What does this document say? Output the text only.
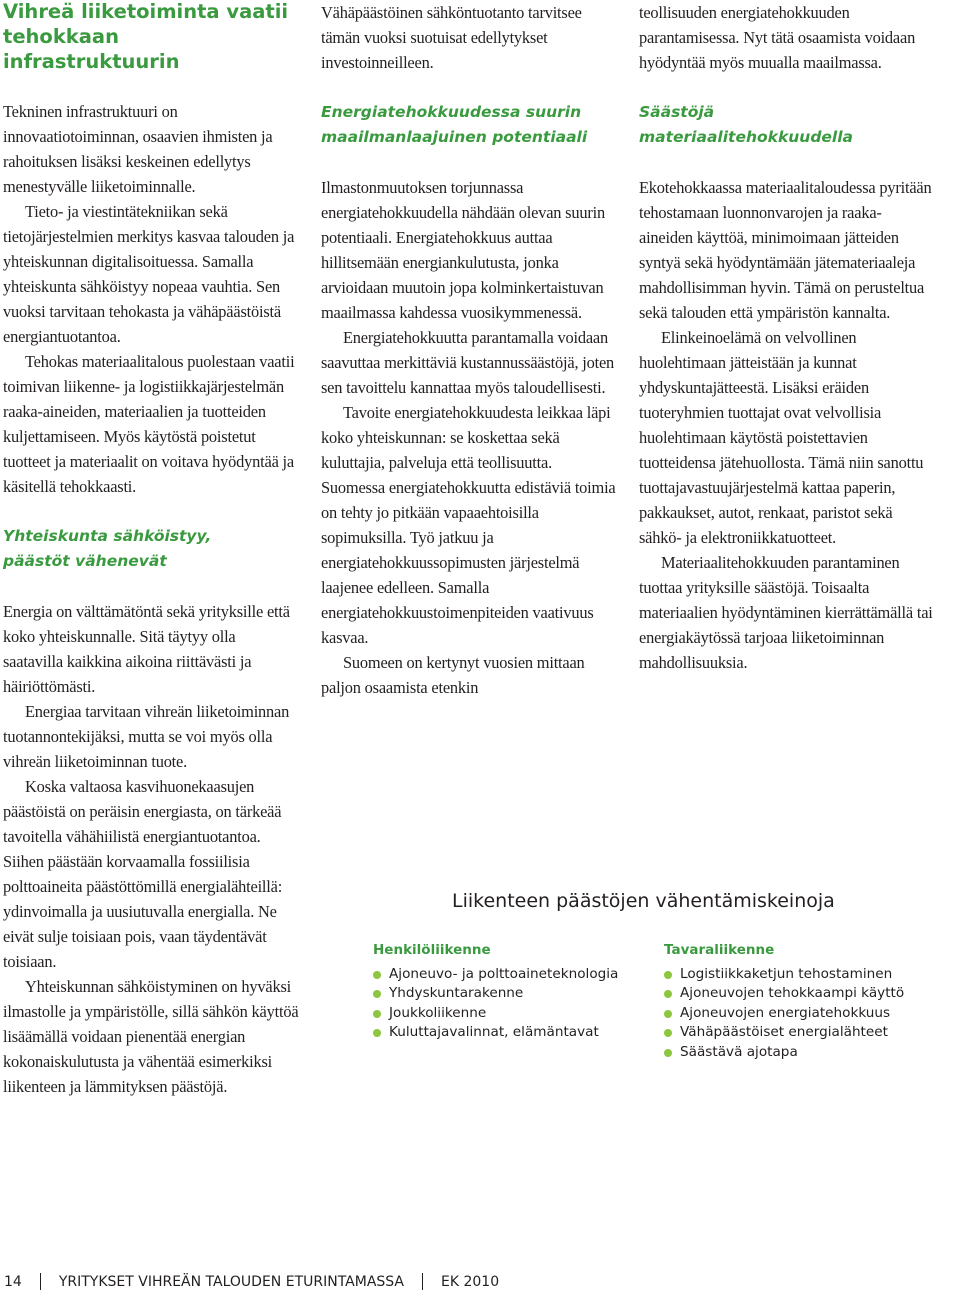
Vihreä liiketoiminta vaatii
tehokkaan infrastruktuurin

Tekninen infrastruktuuri on innovaatiotoiminnan, osaavien ihmisten ja rahoituksen lisäksi keskeinen edellytys menestyvälle liiketoiminnalle.

Tieto- ja viestintätekniikan sekä tietojärjestelmien merkitys kasvaa talouden ja yhteiskunnan digitalisoituessa. Samalla yhteiskunta sähköistyy nopeaa vauhtia. Sen vuoksi tarvitaan tehokasta ja vähäpäästöistä energiantuotantoa.

Tehokas materiaalitalous puolestaan vaatii toimivan liikenne- ja logistiikkajärjestelmän raaka-aineiden, materiaalien ja tuotteiden kuljettamiseen. Myös käytöstä poistetut tuotteet ja materiaalit on voitava hyödyntää ja käsitellä tehokkaasti.

Yhteiskunta sähköistyy,
päästöt vähenevät

Energia on välttämätöntä sekä yrityksille että koko yhteiskunnalle. Sitä täytyy olla saatavilla kaikkina aikoina riittävästi ja häiriöttömästi.

Energiaa tarvitaan vihreän liiketoiminnan tuotannontekijäksi, mutta se voi myös olla vihreän liiketoiminnan tuote.

Koska valtaosa kasvihuonekaasujen päästöistä on peräisin energiasta, on tärkeää tavoitella vähähiilistä energiantuotantoa. Siihen päästään korvaamalla fossiilisia polttoaineita päästöttömillä energialähteillä: ydinvoimalla ja uusiutuvalla energialla. Ne eivät sulje toisiaan pois, vaan täydentävät toisiaan.

Yhteiskunnan sähköistyminen on hyväksi ilmastolle ja ympäristölle, sillä sähkön käyttöä lisäämällä voidaan pienentää energian kokonaiskulutusta ja vähentää esimerkiksi liikenteen ja lämmityksen päästöjä.

Vähäpäästöinen sähköntuotanto tarvitsee tämän vuoksi suotuisat edellytykset investoinneilleen.

Energiatehokkuudessa suurin
maailmanlaajuinen potentiaali

Ilmastonmuutoksen torjunnassa energiatehokkuudella nähdään olevan suurin potentiaali. Energiatehokkuus auttaa hillitsemään energiankulutusta, jonka arvioidaan muutoin jopa kolminkertaistuvan maailmassa kahdessa vuosikymmenessä.

Energiatehokkuutta parantamalla voidaan saavuttaa merkittäviä kustannussäästöjä, joten sen tavoittelu kannattaa myös taloudellisesti.

Tavoite energiatehokkuudesta leikkaa läpi koko yhteiskunnan: se koskettaa sekä kuluttajia, palveluja että teollisuutta. Suomessa energiatehokkuutta edistäviä toimia on tehty jo pitkään vapaaehtoisilla sopimuksilla. Työ jatkuu ja energiatehokkuussopimusten järjestelmä laajenee edelleen. Samalla energiatehokkuustoimenpiteiden vaativuus kasvaa.

Suomeen on kertynyt vuosien mittaan paljon osaamista etenkin

teollisuuden energiatehokkuuden parantamisessa. Nyt tätä osaamista voidaan hyödyntää myös muualla maailmassa.

Säästöjä
materiaalitehokkuudella

Ekotehokkaassa materiaalitaloudessa pyritään tehostamaan luonnonvarojen ja raaka-aineiden käyttöä, minimoimaan jätteiden syntyä sekä hyödyntämään jätemateriaaleja mahdollisimman hyvin. Tämä on perusteltua sekä talouden että ympäristön kannalta.

Elinkeinoelämä on velvollinen huolehtimaan jätteistään ja kunnat yhdyskuntajätteestä. Lisäksi eräiden tuoteryhmien tuottajat ovat velvollisia huolehtimaan käytöstä poistettavien tuotteidensa jätehuollosta. Tämä niin sanottu tuottajavastuujärjestelmä kattaa paperin, pakkaukset, autot, renkaat, paristot sekä sähkö- ja elektroniikkatuotteet.

Materiaalitehokkuuden parantaminen tuottaa yrityksille säästöjä. Toisaalta materiaalien hyödyntäminen kierrättämällä tai energiakäytössä tarjoaa liiketoiminnan mahdollisuuksia.

Liikenteen päästöjen vähentämiskeinoja
Henkilöliikenne
Ajoneuvo- ja polttoaineteknologia
Yhdyskuntarakenne
Joukkoliikenne
Kuluttajavalinnat, elämäntavat
Tavaraliikenne
Logistiikkaketjun tehostaminen
Ajoneuvojen tehokkaampi käyttö
Ajoneuvojen energiatehokkuus
Vähäpäästöiset energialähteet
Säästävä ajotapa
14	YRITYKSET VIHREÄN TALOUDEN ETURINTAMASSA	EK 2010
